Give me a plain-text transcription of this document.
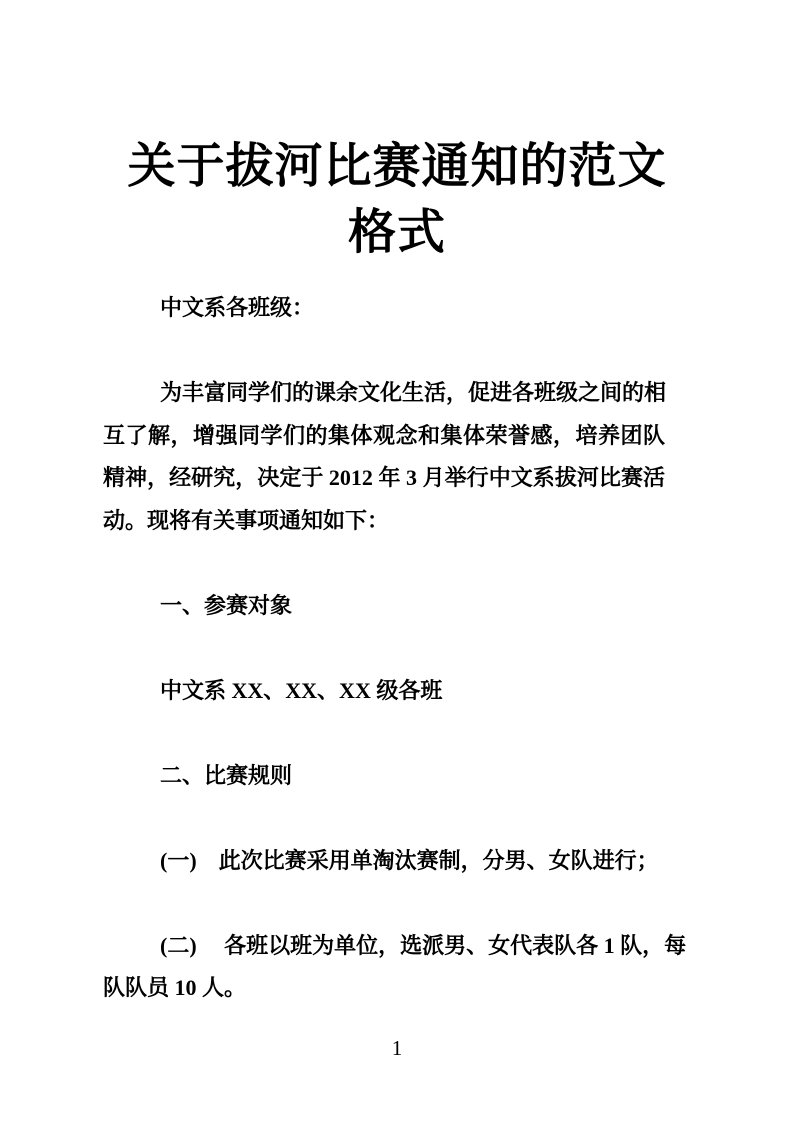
关于拔河比赛通知的范文
格式
中文系各班级：
为丰富同学们的课余文化生活，促进各班级之间的相
互了解，增强同学们的集体观念和集体荣誉感，培养团队
精神，经研究，决定于 2012 年 3 月举行中文系拔河比赛活
动。现将有关事项通知如下：
一、参赛对象
中文系 XX、XX、XX 级各班
二、比赛规则
(一)　此次比赛采用单淘汰赛制，分男、女队进行；
(二)　 各班以班为单位，选派男、女代表队各 1 队，每
队队员 10 人。
1
